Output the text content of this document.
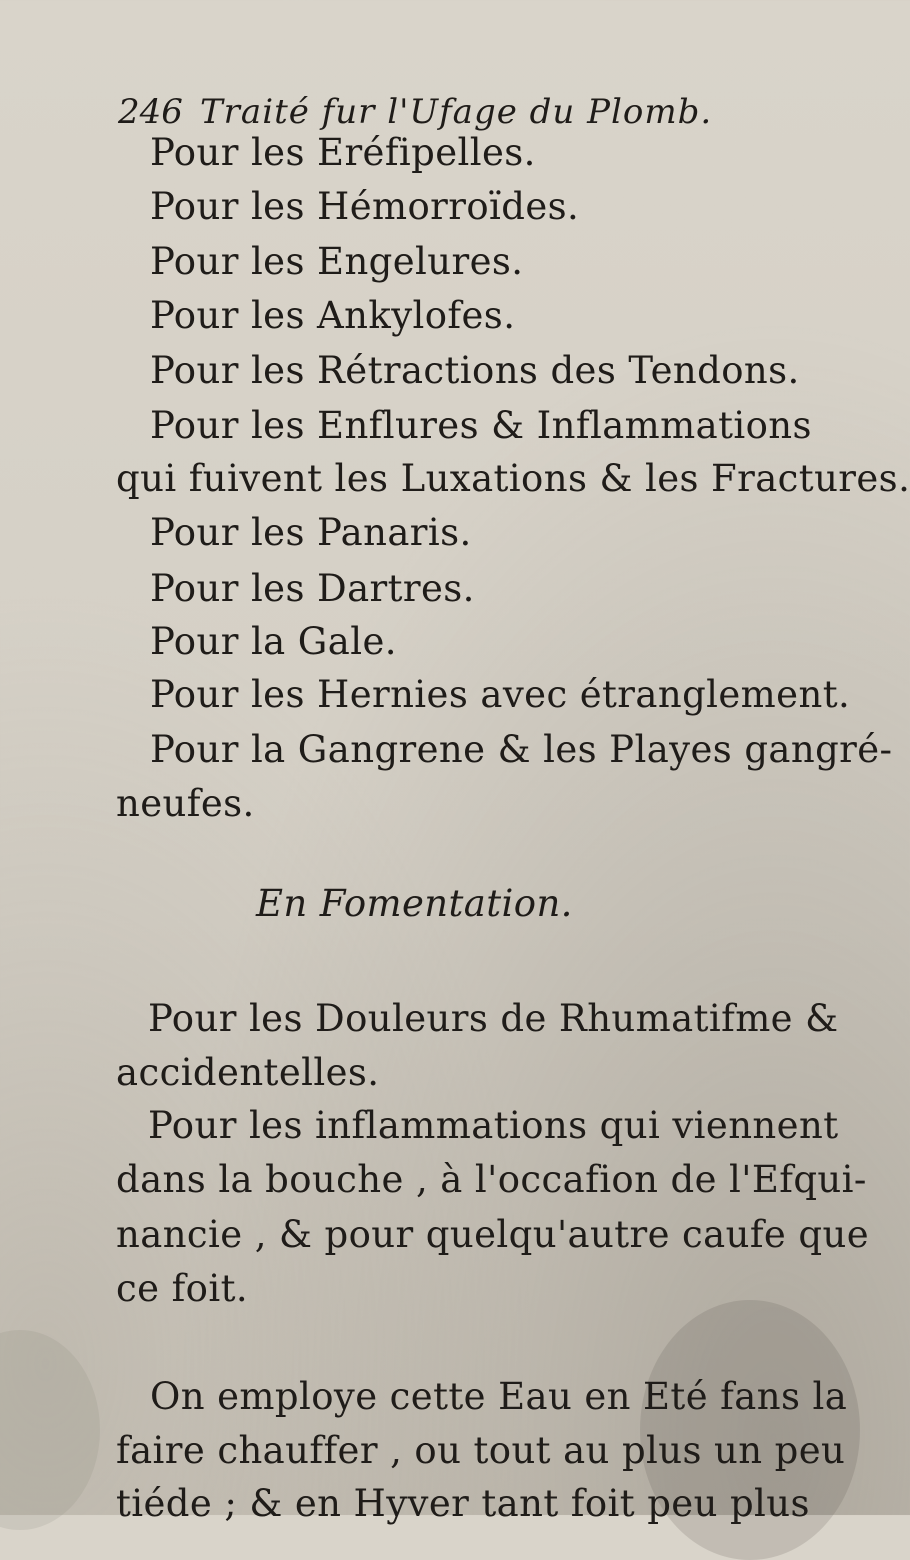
246 Traité fur l'Ufage du Plomb.
Pour les Eréfipelles.
Pour les Hémorroïdes.
Pour les Engelures.
Pour les Ankylofes.
Pour les Rétractions des Tendons.
Pour les Enflures & Inflammations
qui fuivent les Luxations & les Fractures.
Pour les Panaris.
Pour les Dartres.
Pour la Gale.
Pour les Hernies avec étranglement.
Pour la Gangrene & les Playes gangré-
neufes.
En Fomentation.
Pour les Douleurs de Rhumatifme &
accidentelles.
Pour les inflammations qui viennent
dans la bouche , à l'occafion de l'Efqui-
nancie , & pour quelqu'autre caufe que
ce foit.
On employe cette Eau en Eté fans la
faire chauffer , ou tout au plus un peu
tiéde ; & en Hyver tant foit peu plus
